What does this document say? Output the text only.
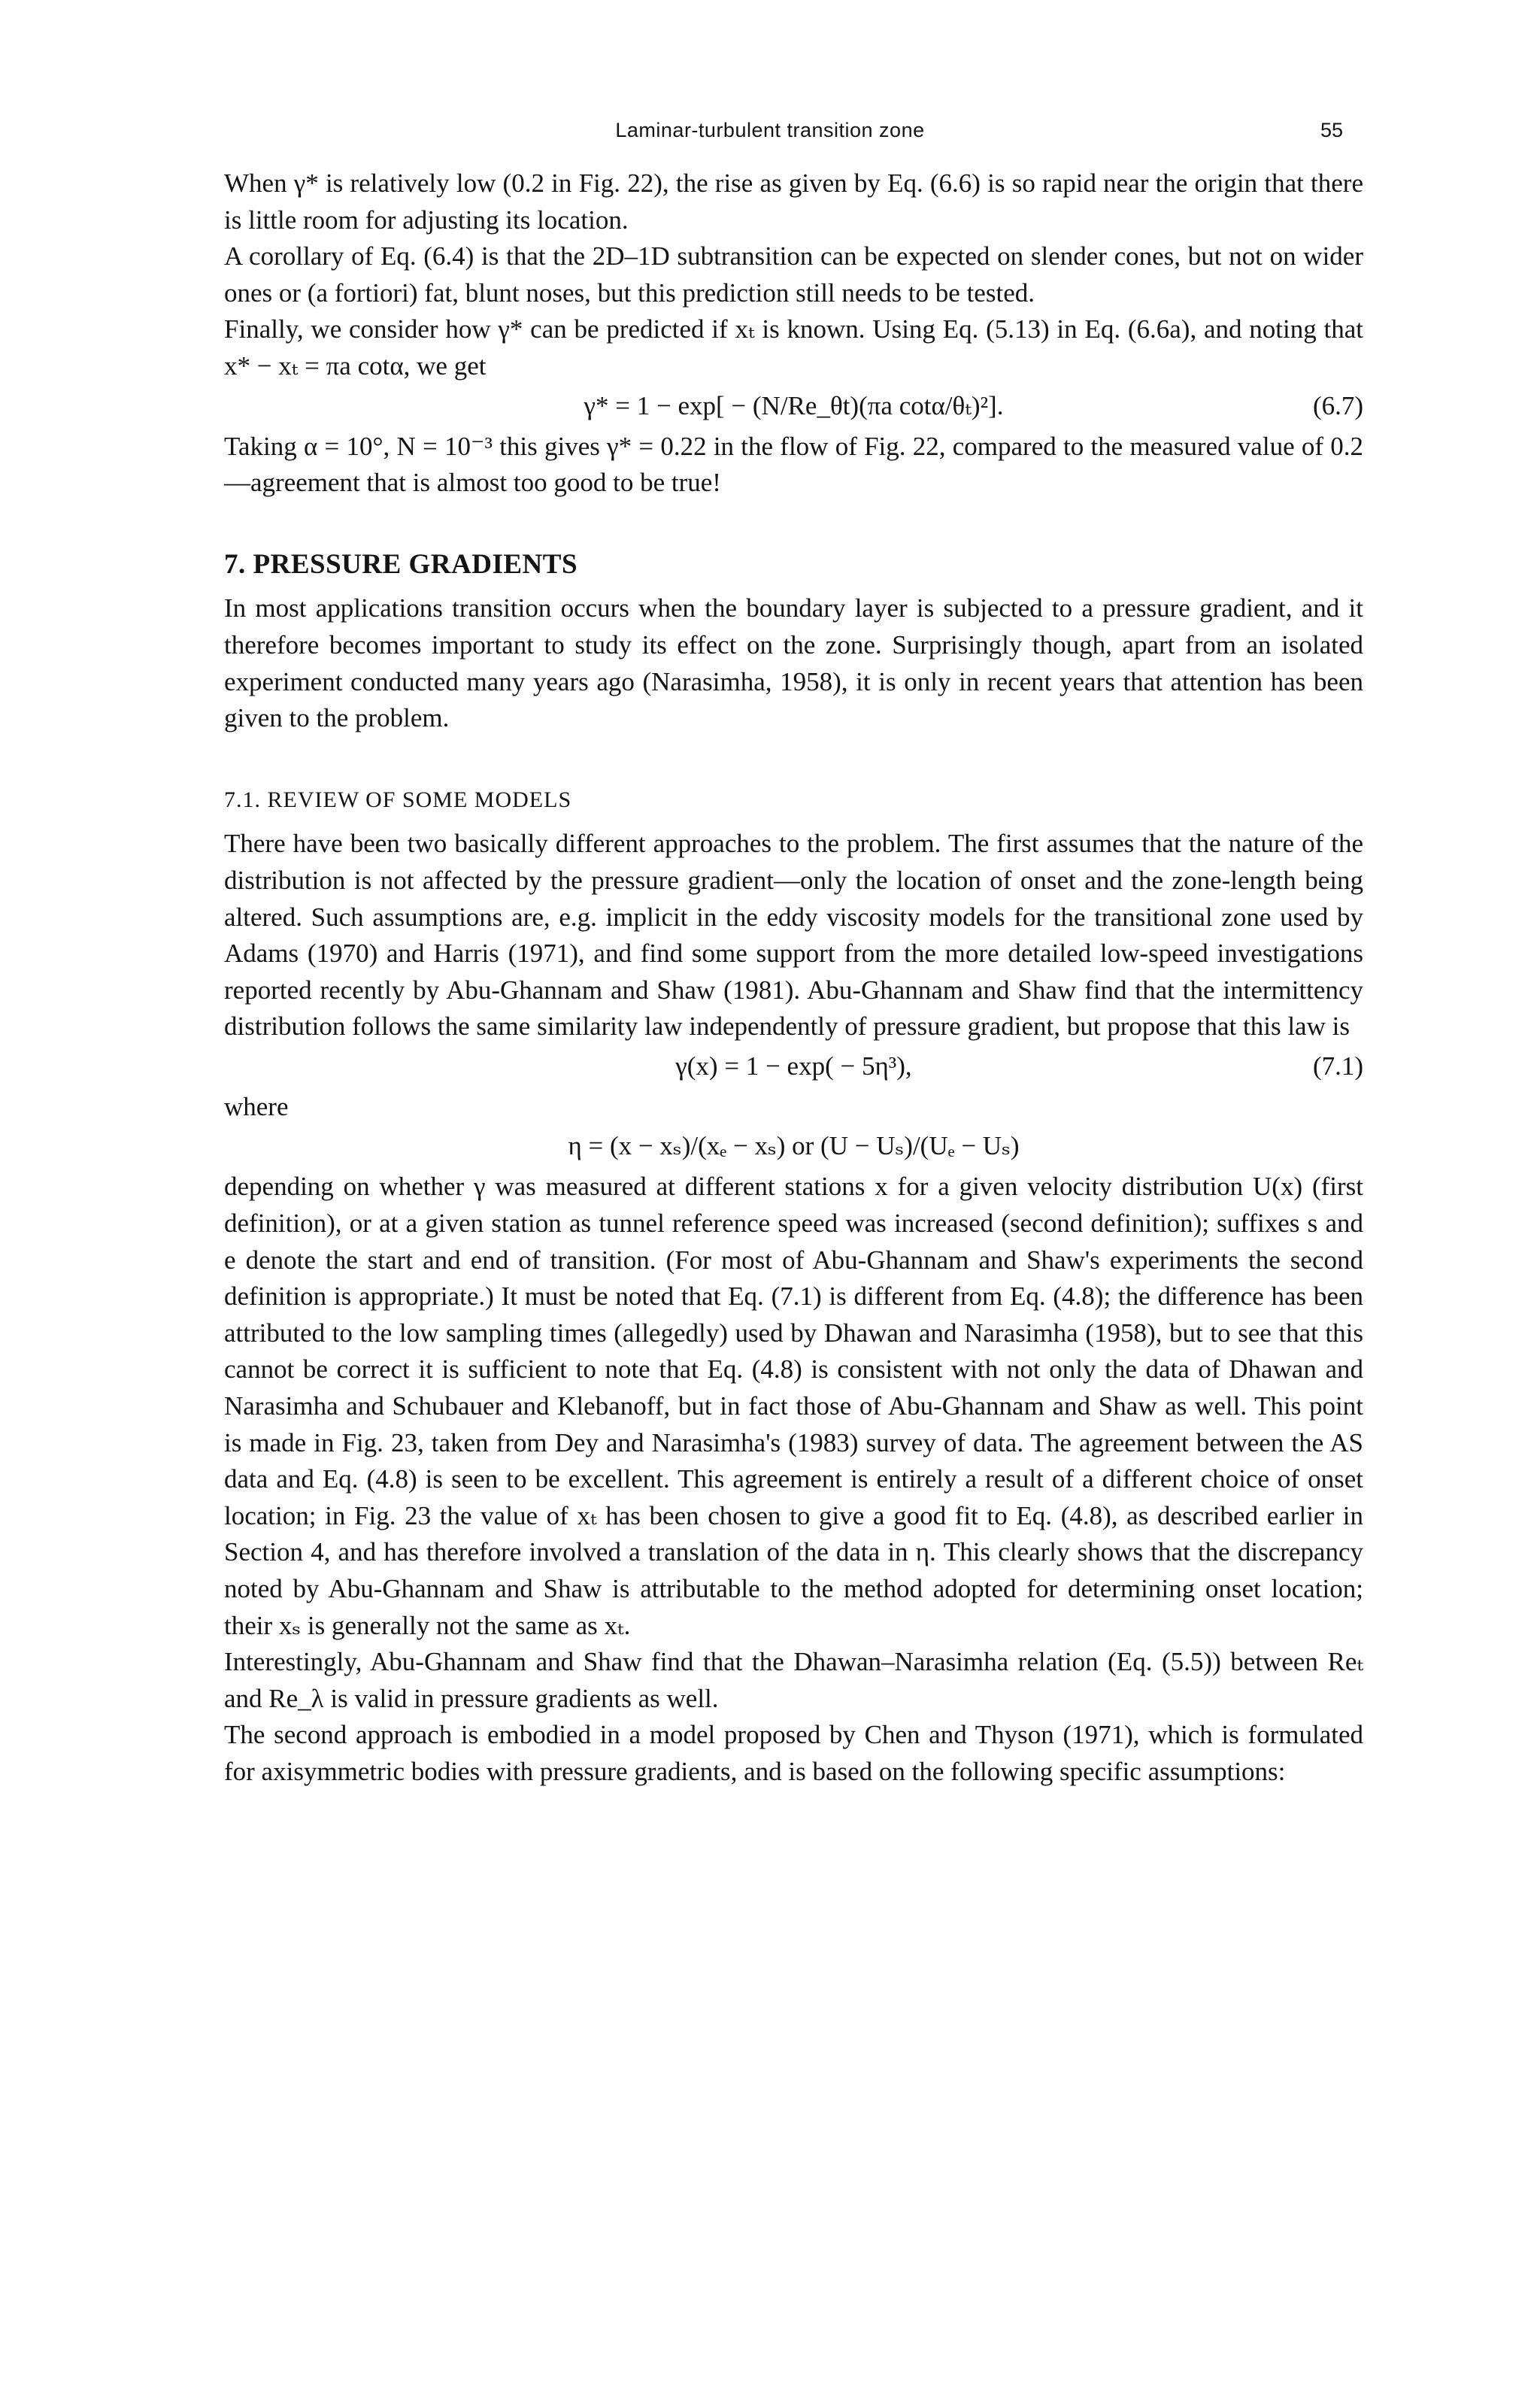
Laminar-turbulent transition zone	55

When γ* is relatively low (0.2 in Fig. 22), the rise as given by Eq. (6.6) is so rapid near the origin that there is little room for adjusting its location.

A corollary of Eq. (6.4) is that the 2D–1D subtransition can be expected on slender cones, but not on wider ones or (a fortiori) fat, blunt noses, but this prediction still needs to be tested.

Finally, we consider how γ* can be predicted if xₜ is known. Using Eq. (5.13) in Eq. (6.6a), and noting that x* − xₜ = πa cotα, we get

γ* = 1 − exp[ − (N/Re_θt)(πa cotα/θₜ)²].	(6.7)

Taking α = 10°, N = 10⁻³ this gives γ* = 0.22 in the flow of Fig. 22, compared to the measured value of 0.2—agreement that is almost too good to be true!

7. PRESSURE GRADIENTS

In most applications transition occurs when the boundary layer is subjected to a pressure gradient, and it therefore becomes important to study its effect on the zone. Surprisingly though, apart from an isolated experiment conducted many years ago (Narasimha, 1958), it is only in recent years that attention has been given to the problem.

7.1. REVIEW OF SOME MODELS

There have been two basically different approaches to the problem. The first assumes that the nature of the distribution is not affected by the pressure gradient—only the location of onset and the zone-length being altered. Such assumptions are, e.g. implicit in the eddy viscosity models for the transitional zone used by Adams (1970) and Harris (1971), and find some support from the more detailed low-speed investigations reported recently by Abu-Ghannam and Shaw (1981). Abu-Ghannam and Shaw find that the intermittency distribution follows the same similarity law independently of pressure gradient, but propose that this law is

γ(x) = 1 − exp( − 5η³),	(7.1)

where

η = (x − xₛ)/(xₑ − xₛ) or (U − Uₛ)/(Uₑ − Uₛ)

depending on whether γ was measured at different stations x for a given velocity distribution U(x) (first definition), or at a given station as tunnel reference speed was increased (second definition); suffixes s and e denote the start and end of transition. (For most of Abu-Ghannam and Shaw's experiments the second definition is appropriate.) It must be noted that Eq. (7.1) is different from Eq. (4.8); the difference has been attributed to the low sampling times (allegedly) used by Dhawan and Narasimha (1958), but to see that this cannot be correct it is sufficient to note that Eq. (4.8) is consistent with not only the data of Dhawan and Narasimha and Schubauer and Klebanoff, but in fact those of Abu-Ghannam and Shaw as well. This point is made in Fig. 23, taken from Dey and Narasimha's (1983) survey of data. The agreement between the AS data and Eq. (4.8) is seen to be excellent. This agreement is entirely a result of a different choice of onset location; in Fig. 23 the value of xₜ has been chosen to give a good fit to Eq. (4.8), as described earlier in Section 4, and has therefore involved a translation of the data in η. This clearly shows that the discrepancy noted by Abu-Ghannam and Shaw is attributable to the method adopted for determining onset location; their xₛ is generally not the same as xₜ.

Interestingly, Abu-Ghannam and Shaw find that the Dhawan–Narasimha relation (Eq. (5.5)) between Reₜ and Re_λ is valid in pressure gradients as well.

The second approach is embodied in a model proposed by Chen and Thyson (1971), which is formulated for axisymmetric bodies with pressure gradients, and is based on the following specific assumptions:
